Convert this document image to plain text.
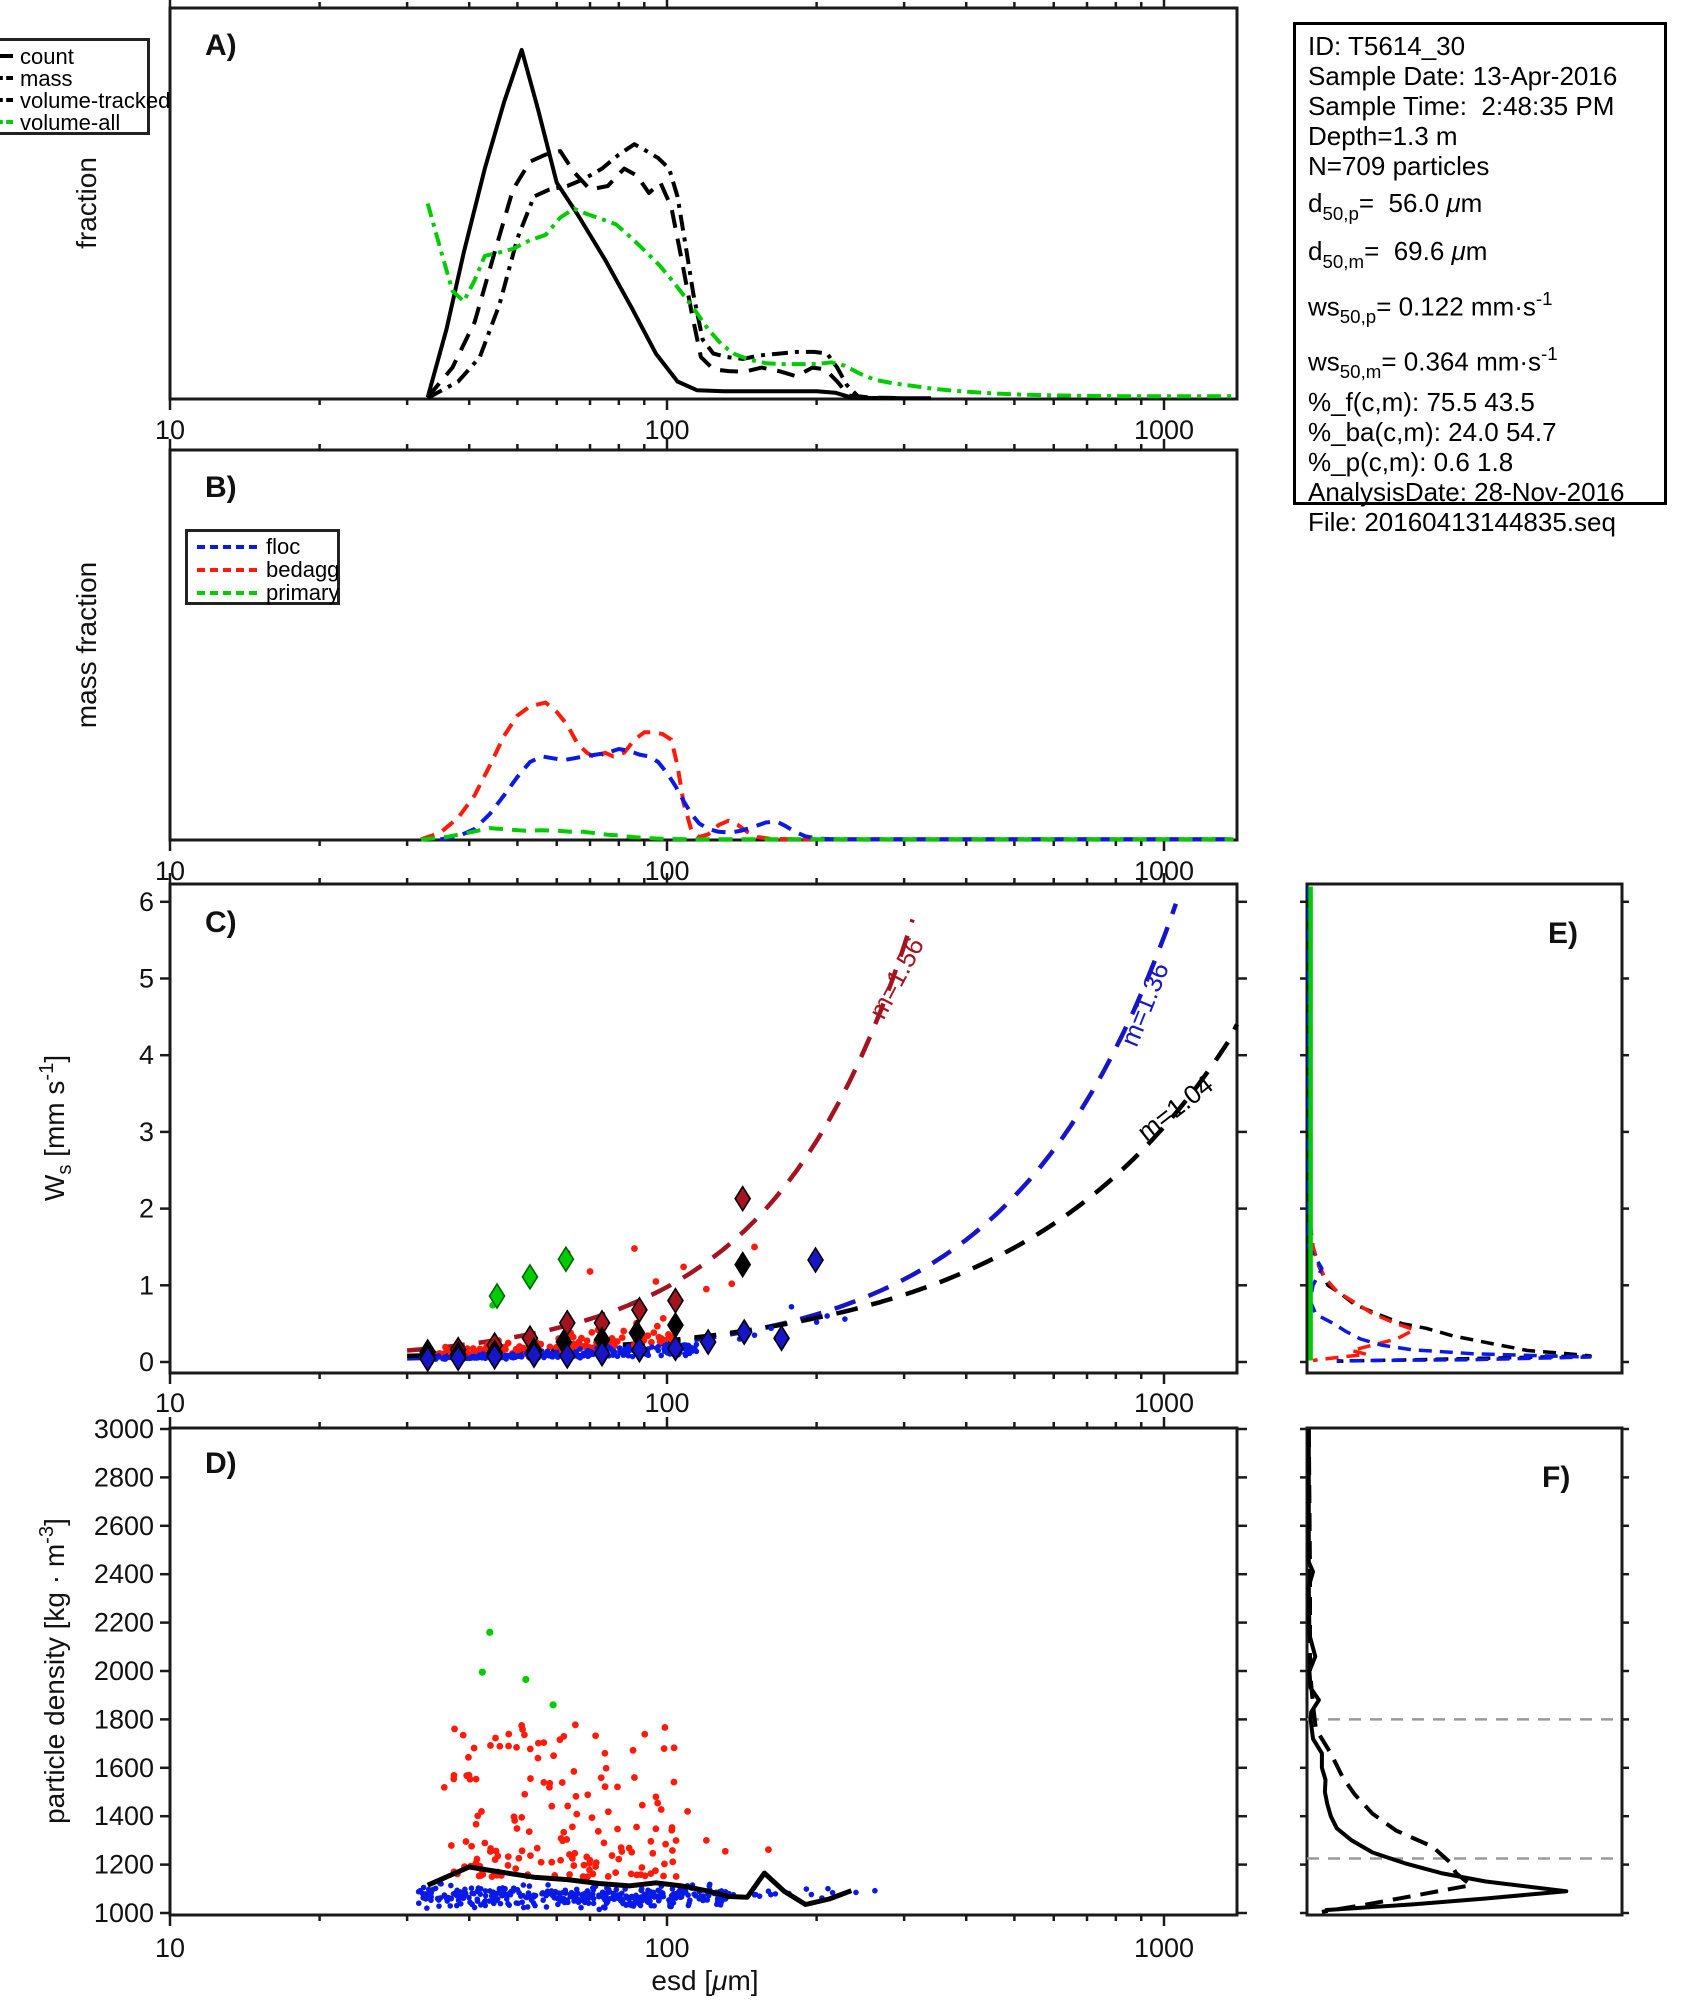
10	100	1000
10	100	1000
10	100	1000
10	100	1000
0
1
2
3
4
5
6
1000
1200
1400
1600
1800
2000
2200
2400
2600
2800
3000
m=1.56	m=1.36
m=1.04
A)
B)
C)
D)
E)
F)
fraction
mass fraction
$W_s$ [mm $s^{-1}$]
particle density $[kg \cdot m^{-3}]$
esd [μm]
count
mass
volume-tracked
volume-all
floc
bedagg
primary
ID: T5614_30
Sample Date: 13-Apr-2016
Sample Time:  2:48:35 PM
Depth=1.3 m
N=709 particles
$d_{50,p}= 56.0$ μm
$d_{50,m}= 69.6$ μm
$ws_{50,p}= 0.122$ $mm\cdot s^{-1}$
$ws_{50,m}= 0.364$ $mm\cdot s^{-1}$
%_f(c,m): 75.5 43.5
%_ba(c,m): 24.0 54.7
%_p(c,m): 0.6 1.8
AnalysisDate: 28-Nov-2016
File: 20160413144835.seq
